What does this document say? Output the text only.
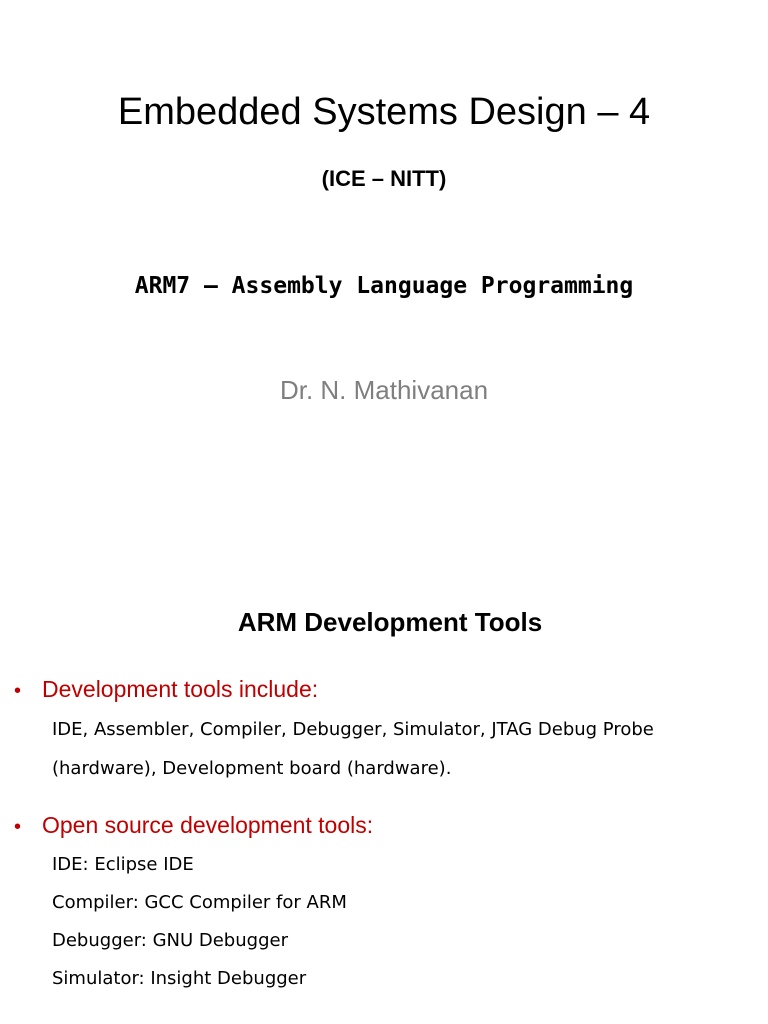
Embedded Systems Design – 4
(ICE – NITT)
ARM7 – Assembly Language Programming
Dr. N. Mathivanan
ARM Development Tools
• Development tools include:
IDE, Assembler, Compiler, Debugger, Simulator, JTAG Debug Probe
(hardware), Development board (hardware).
• Open source development tools:
IDE: Eclipse IDE
Compiler: GCC Compiler for ARM
Debugger: GNU Debugger
Simulator: Insight Debugger
